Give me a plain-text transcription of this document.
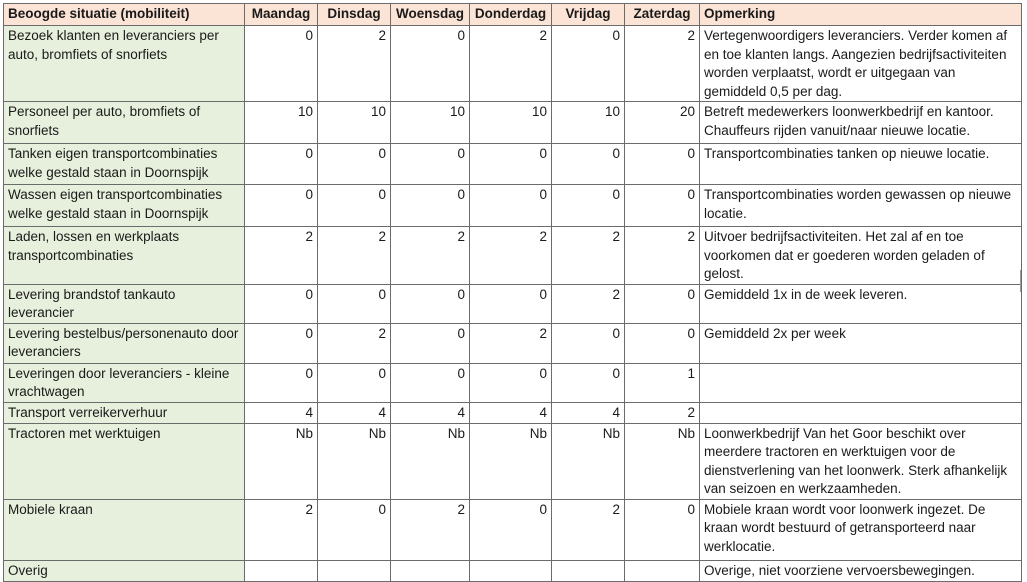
Beoogde situatie (mobiliteit)	Maandag	Dinsdag	Woensdag	Donderdag	Vrijdag	Zaterdag	Opmerking
Bezoek klanten en leveranciers per auto, bromfiets of snorfiets	0	2	0	2	0	2	Vertegenwoordigers leveranciers. Verder komen af en toe klanten langs. Aangezien bedrijfsactiviteiten worden verplaatst, wordt er uitgegaan van gemiddeld 0,5 per dag.
Personeel per auto, bromfiets of snorfiets	10	10	10	10	10	20	Betreft medewerkers loonwerkbedrijf en kantoor. Chauffeurs rijden vanuit/naar nieuwe locatie.
Tanken eigen transportcombinaties welke gestald staan in Doornspijk	0	0	0	0	0	0	Transportcombinaties tanken op nieuwe locatie.
Wassen eigen transportcombinaties welke gestald staan in Doornspijk	0	0	0	0	0	0	Transportcombinaties worden gewassen op nieuwe locatie.
Laden, lossen en werkplaats transportcombinaties	2	2	2	2	2	2	Uitvoer bedrijfsactiviteiten. Het zal af en toe voorkomen dat er goederen worden geladen of gelost.
Levering brandstof tankauto leverancier	0	0	0	0	2	0	Gemiddeld 1x in de week leveren.
Levering bestelbus/personenauto door leveranciers	0	2	0	2	0	0	Gemiddeld 2x per week
Leveringen door leveranciers - kleine vrachtwagen	0	0	0	0	0	1	
Transport verreikerverhuur	4	4	4	4	4	2	
Tractoren met werktuigen	Nb	Nb	Nb	Nb	Nb	Nb	Loonwerkbedrijf Van het Goor beschikt over meerdere tractoren en werktuigen voor de dienstverlening van het loonwerk. Sterk afhankelijk van seizoen en werkzaamheden.
Mobiele kraan	2	0	2	0	2	0	Mobiele kraan wordt voor loonwerk ingezet. De kraan wordt bestuurd of getransporteerd naar werklocatie.
Overig							Overige, niet voorziene vervoersbewegingen.
